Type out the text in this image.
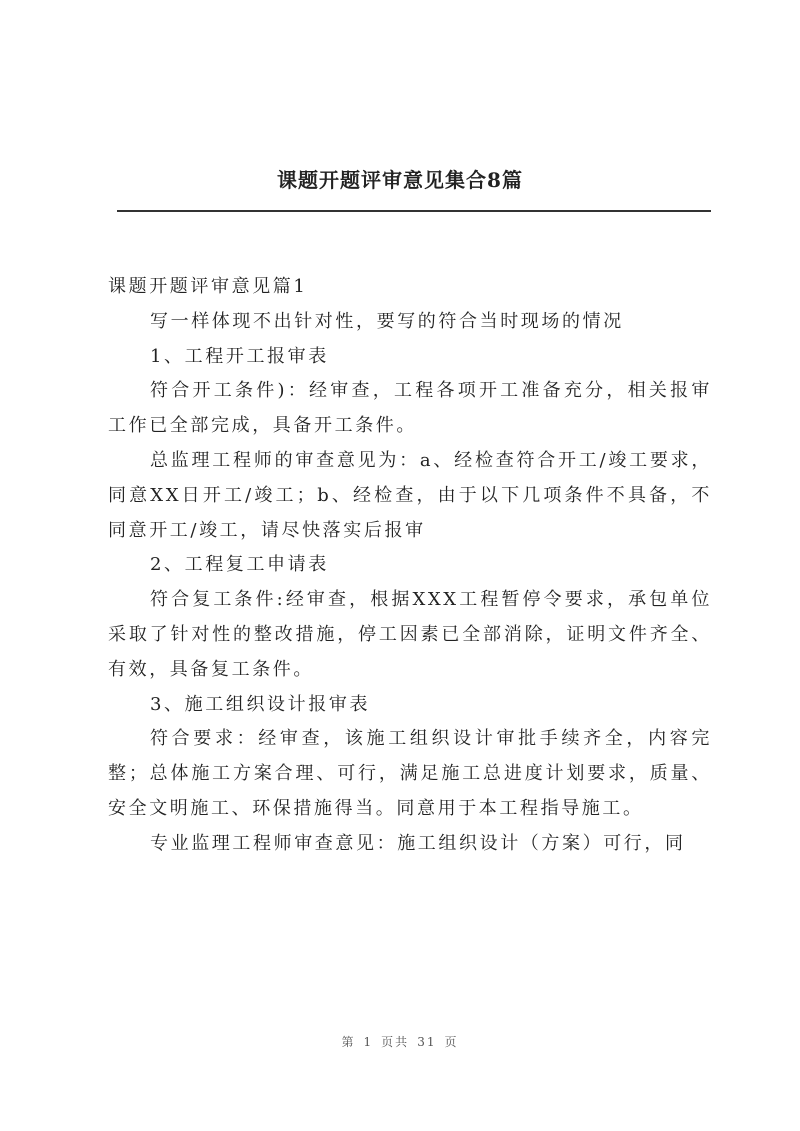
课题开题评审意见集合8篇

课题开题评审意见篇1

写一样体现不出针对性，要写的符合当时现场的情况

1、工程开工报审表

符合开工条件)：经审查，工程各项开工准备充分，相关报审工作已全部完成，具备开工条件。

总监理工程师的审查意见为：a、经检查符合开工/竣工要求，同意XX日开工/竣工；b、经检查，由于以下几项条件不具备，不同意开工/竣工，请尽快落实后报审

2、工程复工申请表

符合复工条件:经审查，根据XXX工程暂停令要求，承包单位采取了针对性的整改措施，停工因素已全部消除，证明文件齐全、有效，具备复工条件。

3、施工组织设计报审表

符合要求：经审查，该施工组织设计审批手续齐全，内容完整；总体施工方案合理、可行，满足施工总进度计划要求，质量、安全文明施工、环保措施得当。同意用于本工程指导施工。

专业监理工程师审查意见：施工组织设计（方案）可行，同

第 1 页共 31 页
